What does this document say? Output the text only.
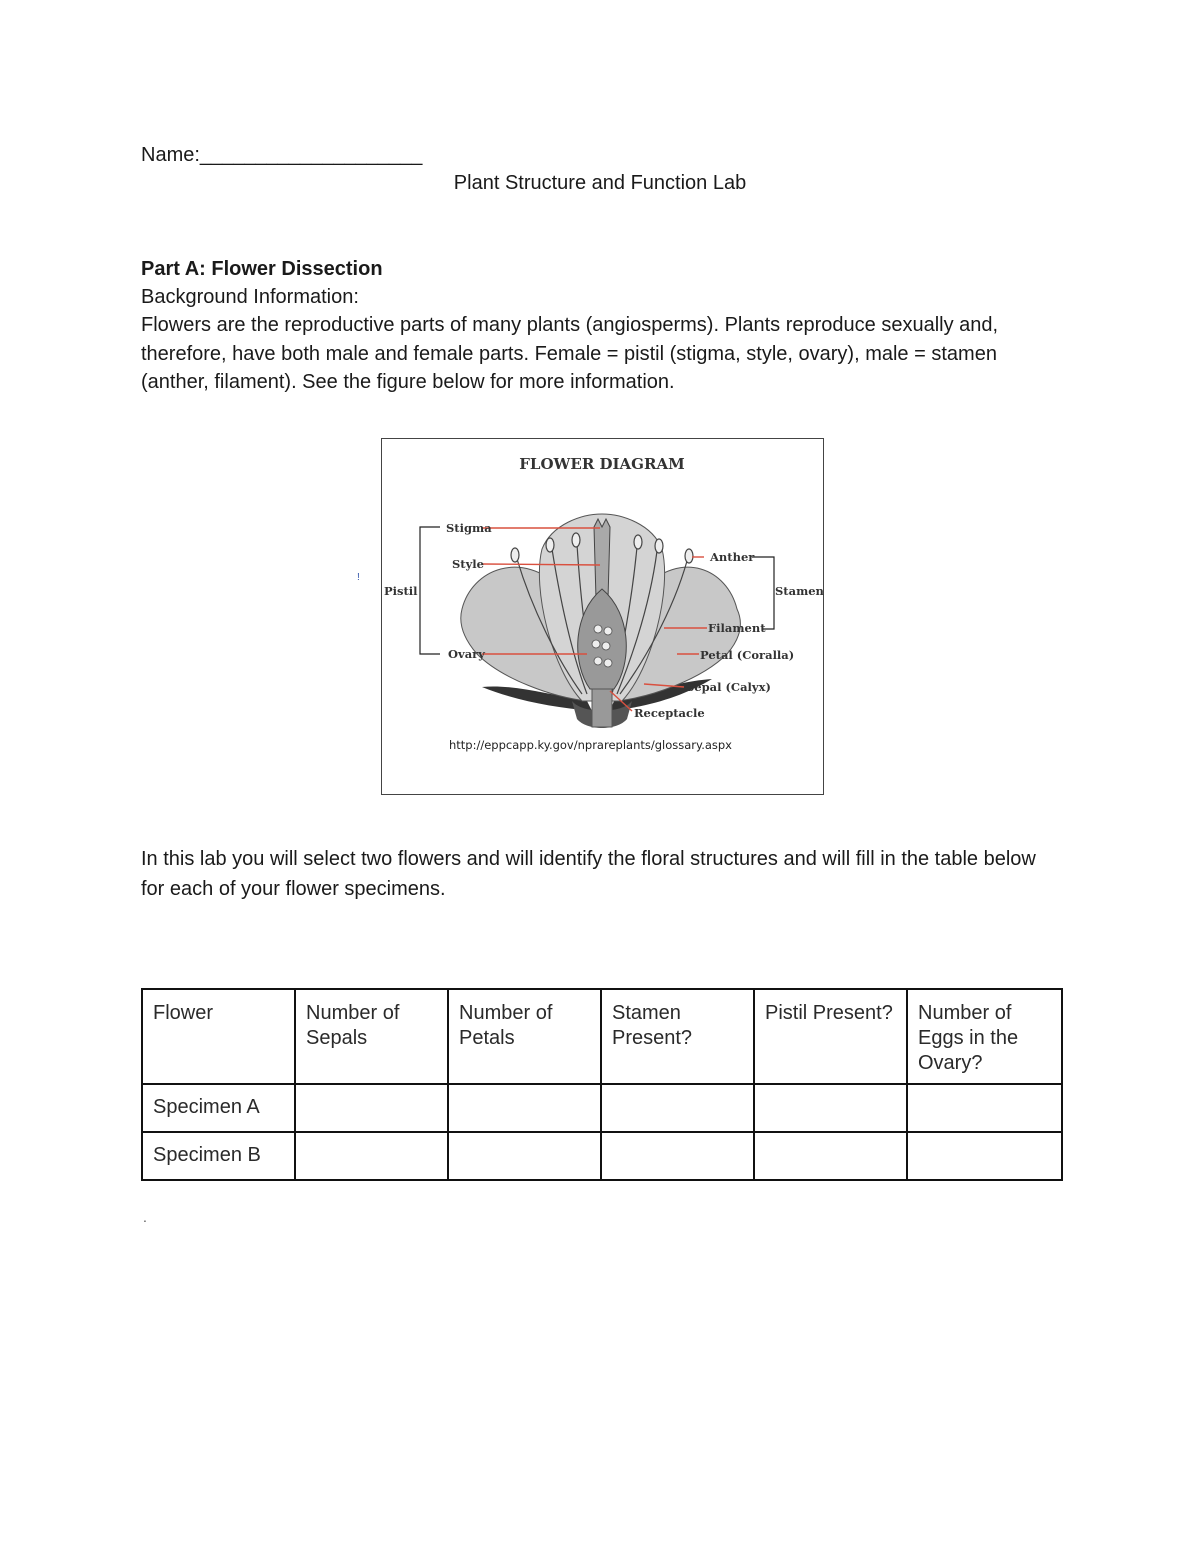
Name:____________________
Plant Structure and Function Lab
Part A: Flower Dissection
Background Information:
Flowers are the reproductive parts of many plants (angiosperms). Plants reproduce sexually and, therefore, have both male and female parts. Female = pistil (stigma, style, ovary), male = stamen (anther, filament). See the figure below for more information.
!
FLOWER DIAGRAM
Stigma
Style
Pistil
Ovary
Anther
Stamen
Filament
Petal (Coralla)
Sepal (Calyx)
Receptacle
http://eppcapp.ky.gov/nprareplants/glossary.aspx
In this lab you will select two flowers and will identify the floral structures and will fill in the table below for each of your flower specimens.
Flower	Number of Sepals	Number of Petals	Stamen Present?	Pistil Present?	Number of Eggs in the Ovary?
Specimen A					
Specimen B					
.
